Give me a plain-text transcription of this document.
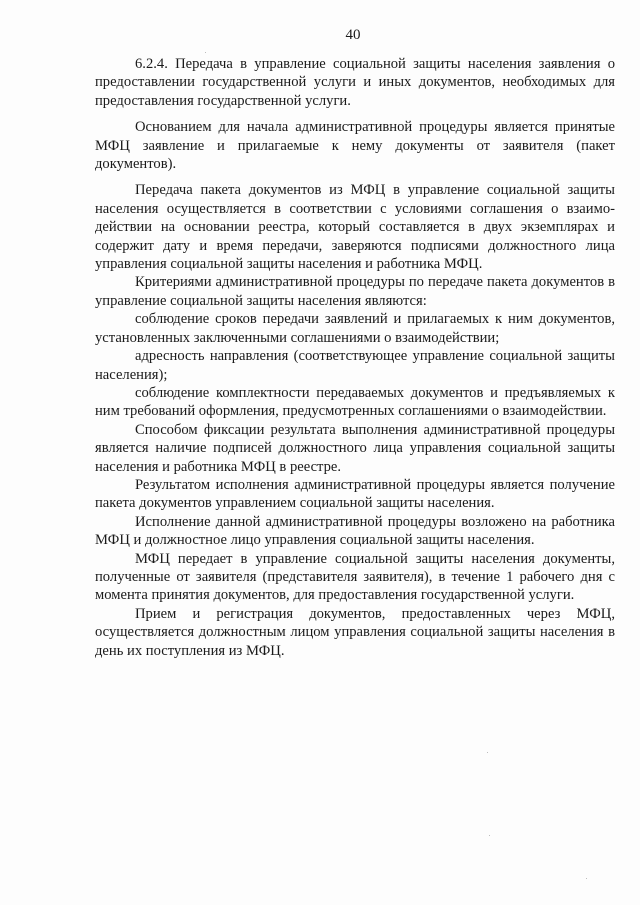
40

6.2.4. Передача в управление социальной защиты населения заявления о предоставлении государственной услуги и иных документов, необходимых для предоставления государственной услуги.

Основанием для начала административной процедуры является принятые МФЦ заявление и прилагаемые к нему документы от заявителя (пакет документов).

Передача пакета документов из МФЦ в управление социальной защиты населения осуществляется в соответствии с условиями соглашения о взаимодействии на основании реестра, который составляется в двух экземплярах и содержит дату и время передачи, заверяются подписями должностного лица управления социальной защиты населения и работника МФЦ.

Критериями административной процедуры по передаче пакета документов в управление социальной защиты населения являются:

соблюдение сроков передачи заявлений и прилагаемых к ним документов, установленных заключенными соглашениями о взаимодействии;

адресность направления (соответствующее управление социальной защиты населения);

соблюдение комплектности передаваемых документов и предъявляемых к ним требований оформления, предусмотренных соглашениями о взаимодействии.

Способом фиксации результата выполнения административной процедуры является наличие подписей должностного лица управления социальной защиты населения и работника МФЦ в реестре.

Результатом исполнения административной процедуры является получение пакета документов управлением социальной защиты населения.

Исполнение данной административной процедуры возложено на работника МФЦ и должностное лицо управления социальной защиты населения.

МФЦ передает в управление социальной защиты населения документы, полученные от заявителя (представителя заявителя), в течение 1 рабочего дня с момента принятия документов, для предоставления государственной услуги.

Прием и регистрация документов, предоставленных через МФЦ, осуществляется должностным лицом управления социальной защиты населения в день их поступления из МФЦ.
